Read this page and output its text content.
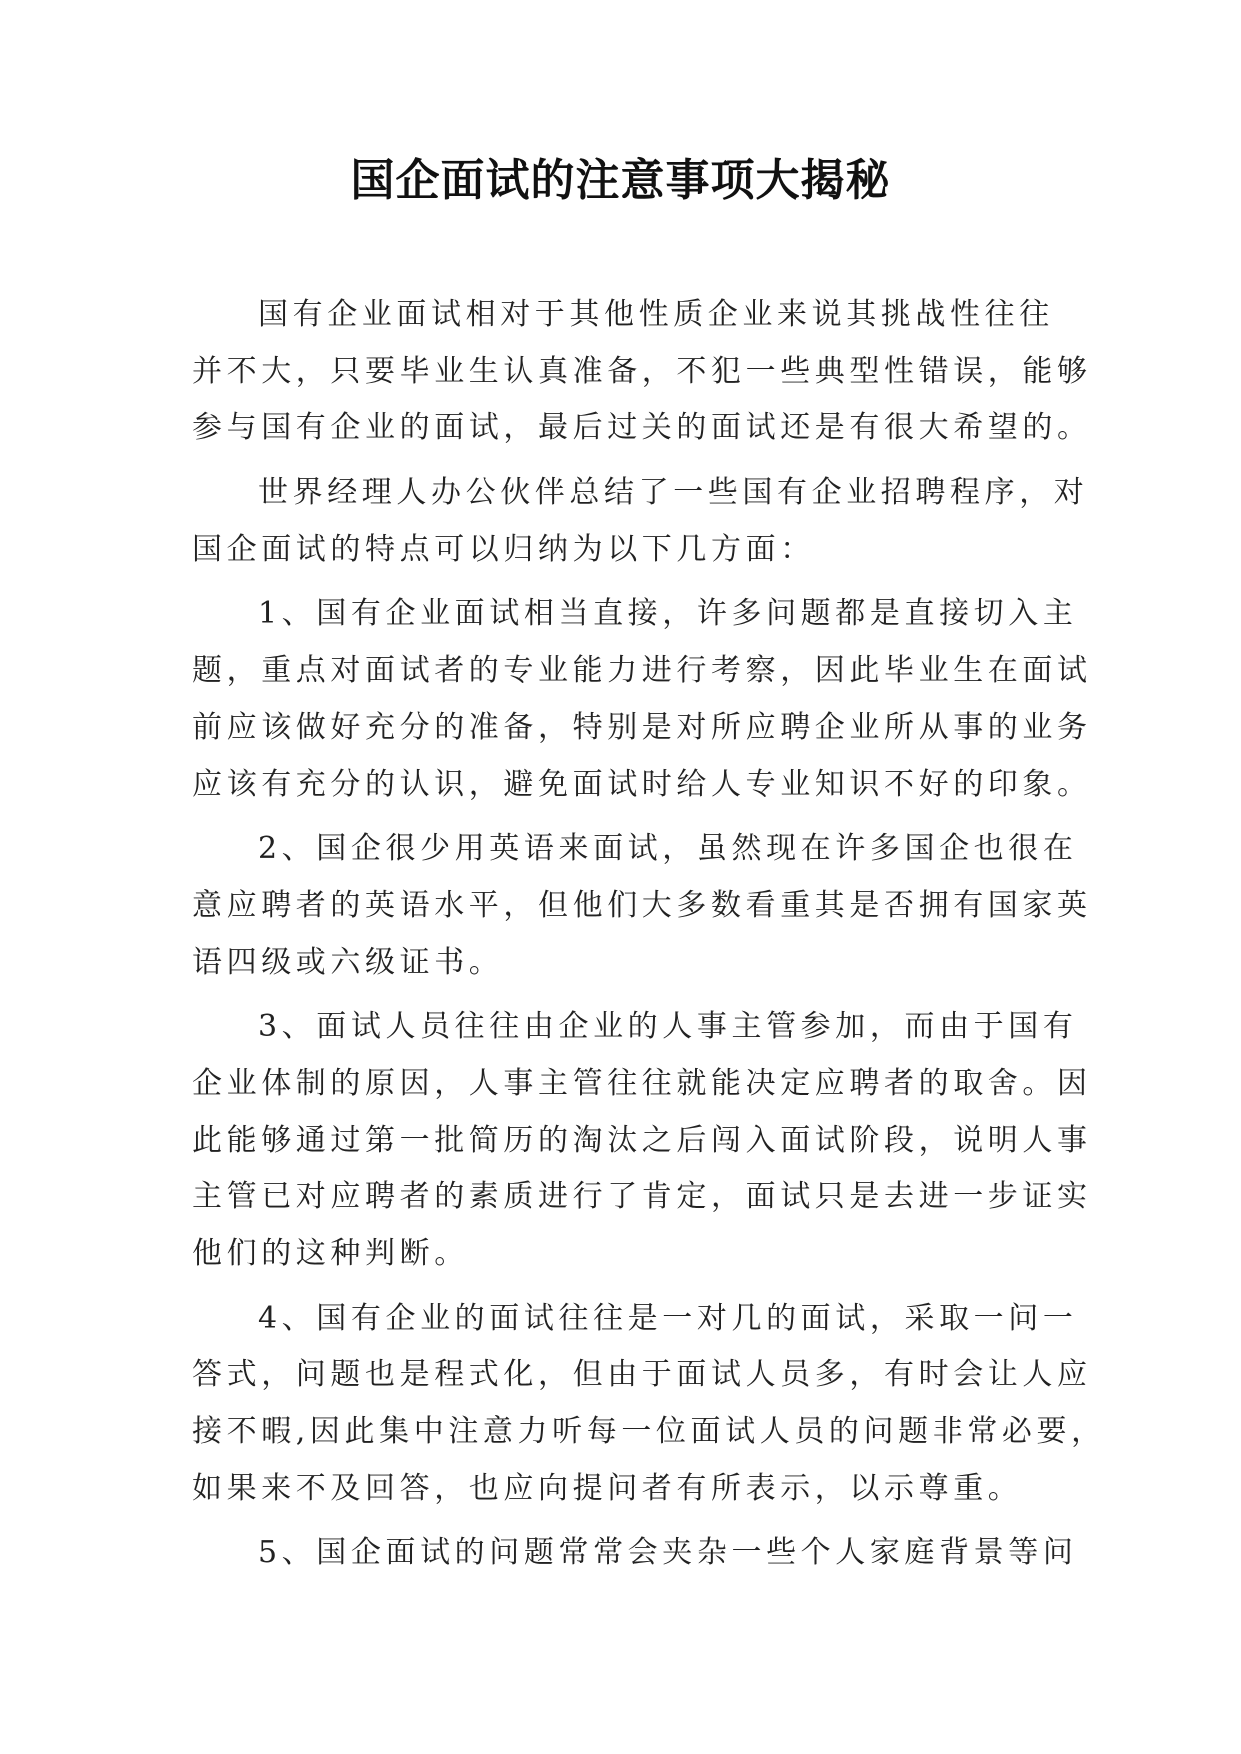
国企面试的注意事项大揭秘
国有企业面试相对于其他性质企业来说其挑战性往往
并不大，只要毕业生认真准备，不犯一些典型性错误，能够
参与国有企业的面试，最后过关的面试还是有很大希望的。
世界经理人办公伙伴总结了一些国有企业招聘程序，对
国企面试的特点可以归纳为以下几方面：
1、国有企业面试相当直接，许多问题都是直接切入主
题，重点对面试者的专业能力进行考察，因此毕业生在面试
前应该做好充分的准备，特别是对所应聘企业所从事的业务
应该有充分的认识，避免面试时给人专业知识不好的印象。
2、国企很少用英语来面试，虽然现在许多国企也很在
意应聘者的英语水平，但他们大多数看重其是否拥有国家英
语四级或六级证书。
3、面试人员往往由企业的人事主管参加，而由于国有
企业体制的原因，人事主管往往就能决定应聘者的取舍。因
此能够通过第一批简历的淘汰之后闯入面试阶段，说明人事
主管已对应聘者的素质进行了肯定，面试只是去进一步证实
他们的这种判断。
4、国有企业的面试往往是一对几的面试，采取一问一
答式，问题也是程式化，但由于面试人员多，有时会让人应
接不暇,因此集中注意力听每一位面试人员的问题非常必要，
如果来不及回答，也应向提问者有所表示，以示尊重。
5、国企面试的问题常常会夹杂一些个人家庭背景等问
